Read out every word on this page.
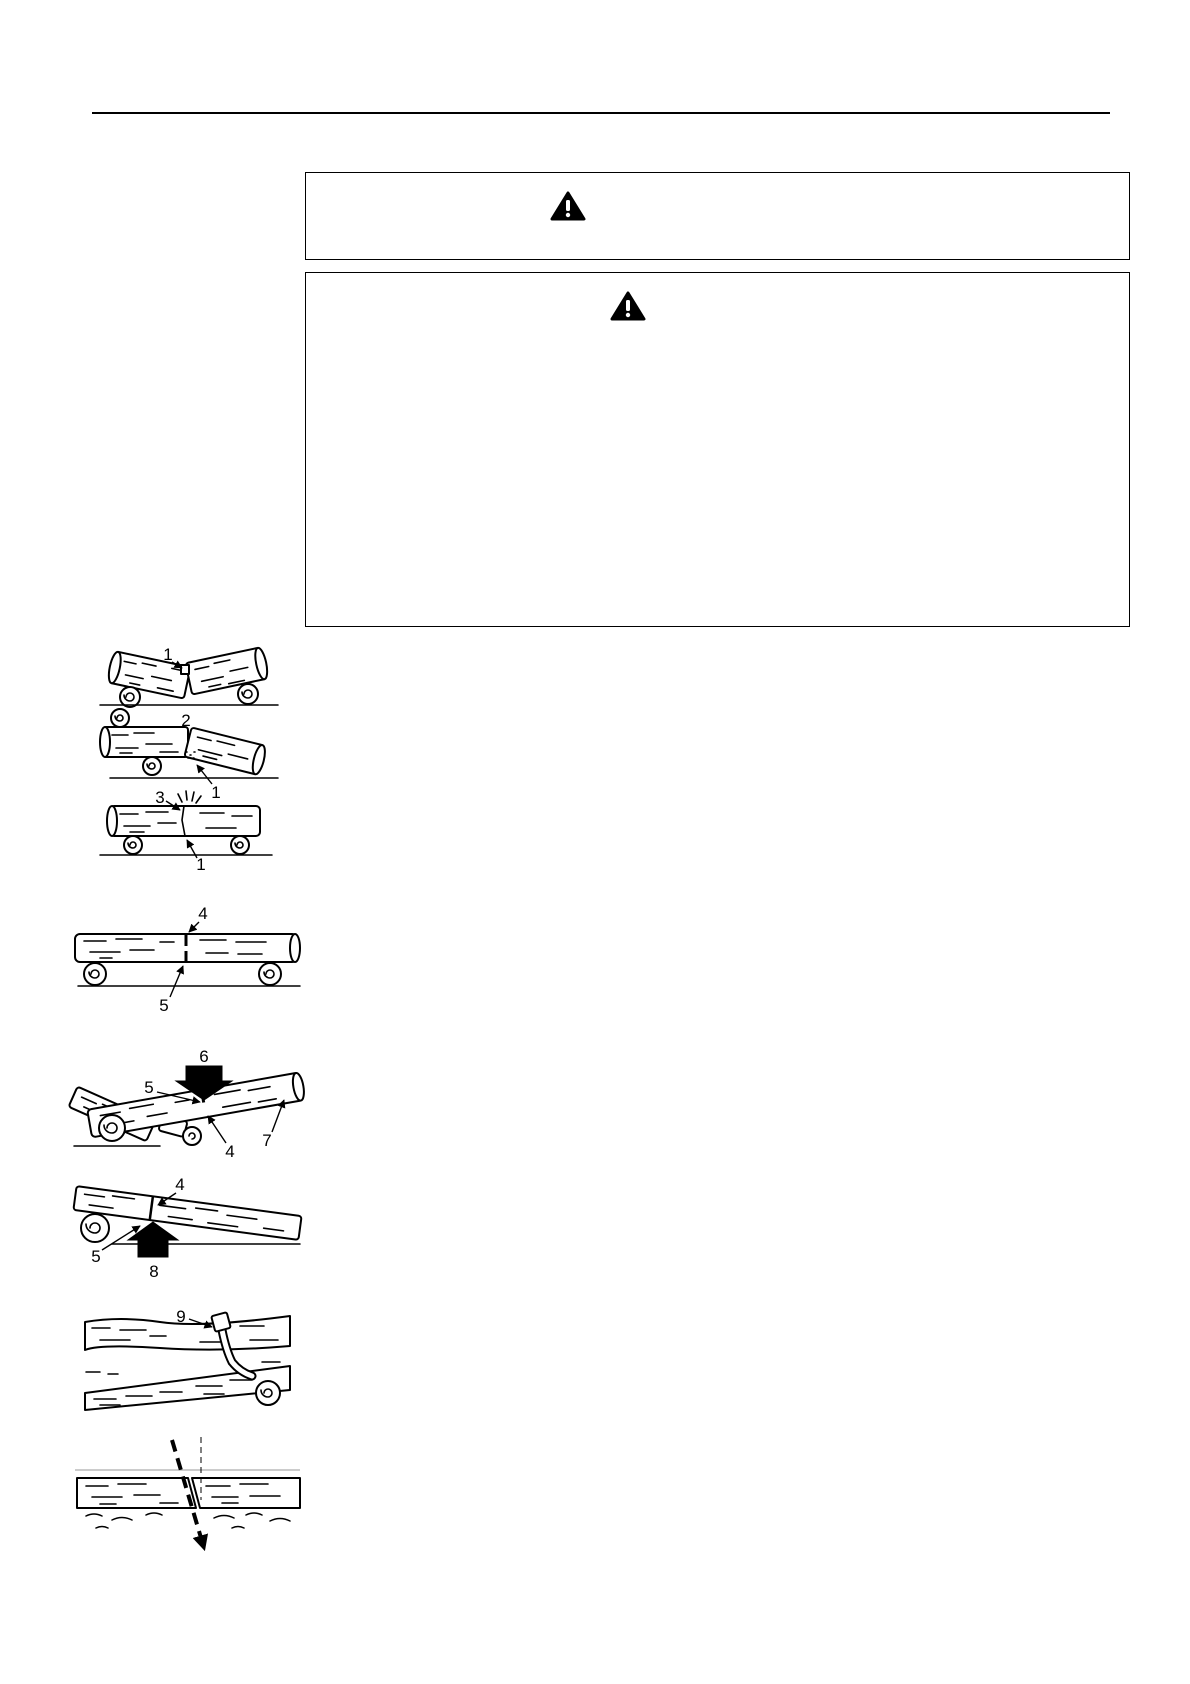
1
2
1
3
1
4
5
6
5
4
7
4
5
8
9
